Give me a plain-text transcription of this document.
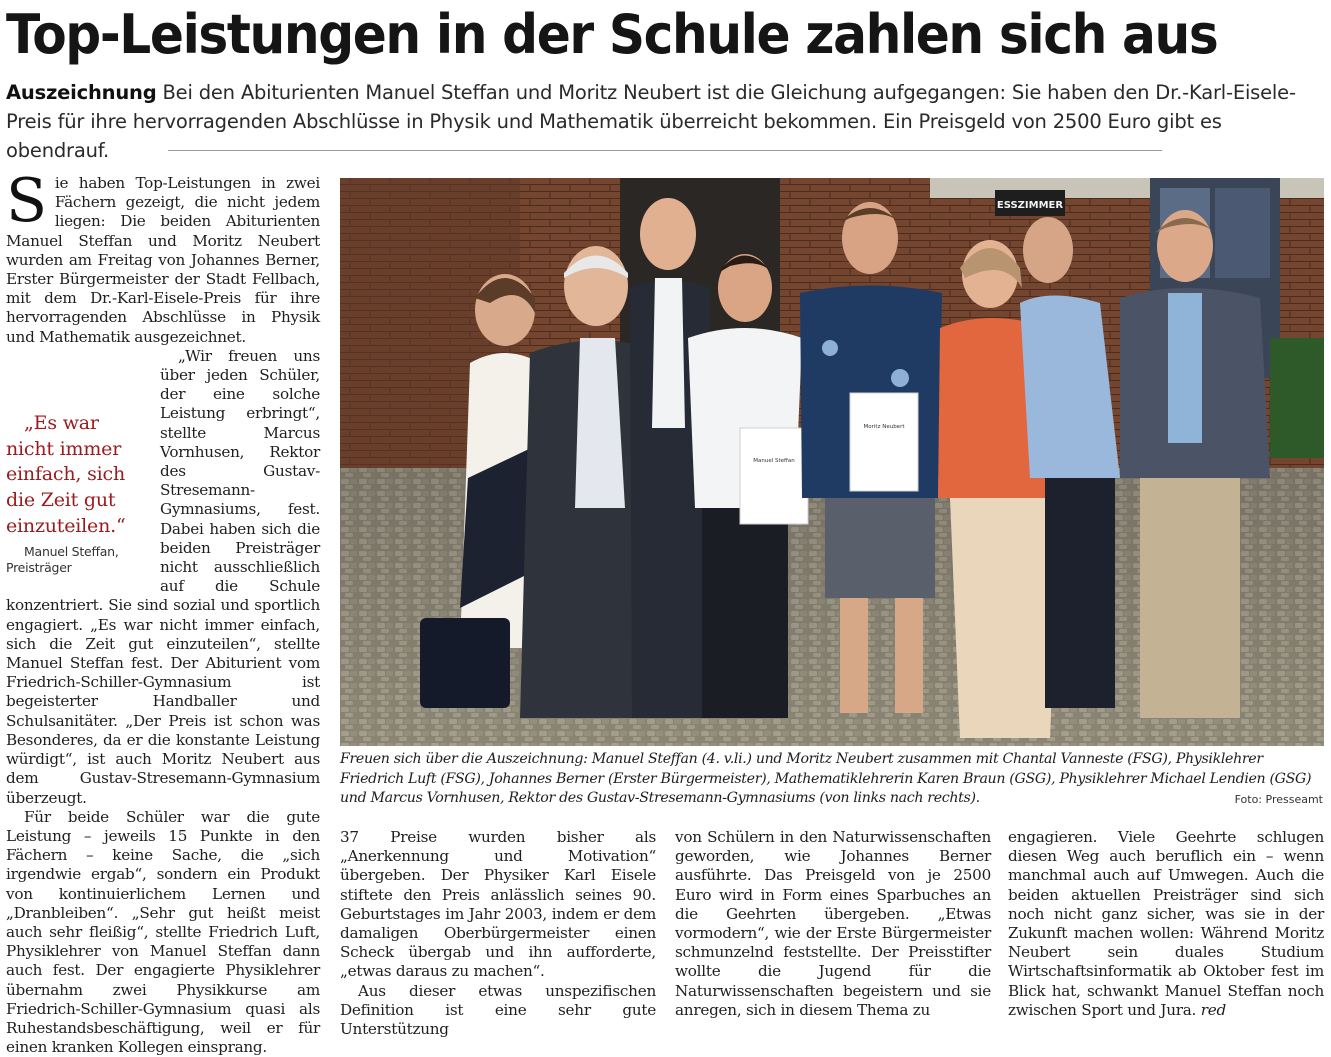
Top-Leistungen in der Schule zahlen sich aus

Auszeichnung Bei den Abiturienten Manuel Steffan und Moritz Neubert ist die Gleichung aufgegangen: Sie haben den Dr.-Karl-Eisele-Preis für ihre hervorragenden Abschlüsse in Physik und Mathematik überreicht bekommen. Ein Preisgeld von 2500 Euro gibt es obendrauf.

Sie haben Top-Leistungen in zwei Fächern gezeigt, die nicht jedem liegen: Die beiden Abiturienten Manuel Steffan und Moritz Neubert wurden am Freitag von Johannes Berner, Erster Bürgermeister der Stadt Fellbach, mit dem Dr.-Karl-Eisele-Preis für ihre hervorragenden Abschlüsse in Physik und Mathematik ausgezeichnet.

„Es war nicht immer einfach, sich die Zeit gut einzuteilen.“
Manuel Steffan, Preisträger
„Wir freuen uns über jeden Schüler, der eine solche Leistung erbringt“, stellte Marcus Vornhusen, Rektor des Gustav-Stresemann-Gymnasiums, fest. Dabei haben sich die beiden Preisträger nicht ausschließlich auf die Schule konzentriert. Sie sind sozial und sportlich engagiert. „Es war nicht immer einfach, sich die Zeit gut einzuteilen“, stellte Manuel Steffan fest. Der Abiturient vom Friedrich-Schiller-Gymnasium ist begeisterter Handballer und Schulsanitäter. „Der Preis ist schon was Besonderes, da er die konstante Leistung würdigt“, ist auch Moritz Neubert aus dem Gustav-Stresemann-Gymnasium überzeugt.

Für beide Schüler war die gute Leistung – jeweils 15 Punkte in den Fächern – keine Sache, die „sich irgendwie ergab“, sondern ein Produkt von kontinuierlichem Lernen und „Dranbleiben“. „Sehr gut heißt meist auch sehr fleißig“, stellte Friedrich Luft, Physiklehrer von Manuel Steffan dann auch fest. Der engagierte Physiklehrer übernahm zwei Physikkurse am Friedrich-Schiller-Gymnasium quasi als Ruhestandsbeschäftigung, weil er für einen kranken Kollegen einsprang.

ESSZIMMER
Manuel Steffan
Moritz Neubert
Freuen sich über die Auszeichnung: Manuel Steffan (4. v.li.) und Moritz Neubert zusammen mit Chantal Vanneste (FSG), Physiklehrer Friedrich Luft (FSG), Johannes Berner (Erster Bürgermeister), Mathematiklehrerin Karen Braun (GSG), Physiklehrer Michael Lendien (GSG) und Marcus Vornhusen, Rektor des Gustav-Stresemann-Gymnasiums (von links nach rechts).	Foto: Presseamt

37 Preise wurden bisher als „Anerkennung und Motivation“ übergeben. Der Physiker Karl Eisele stiftete den Preis anlässlich seines 90. Geburtstages im Jahr 2003, indem er dem damaligen Oberbürgermeister einen Scheck übergab und ihn aufforderte, „etwas daraus zu machen“.

Aus dieser etwas unspezifischen Definition ist eine sehr gute Unterstützung

von Schülern in den Naturwissenschaften geworden, wie Johannes Berner ausführte. Das Preisgeld von je 2500 Euro wird in Form eines Sparbuches an die Geehrten übergeben. „Etwas vormodern“, wie der Erste Bürgermeister schmunzelnd feststellte. Der Preisstifter wollte die Jugend für die Naturwissenschaften begeistern und sie anregen, sich in diesem Thema zu

engagieren. Viele Geehrte schlugen diesen Weg auch beruflich ein – wenn manchmal auch auf Umwegen. Auch die beiden aktuellen Preisträger sind sich noch nicht ganz sicher, was sie in der Zukunft machen wollen: Während Moritz Neubert sein duales Studium Wirtschaftsinformatik ab Oktober fest im Blick hat, schwankt Manuel Steffan noch zwischen Sport und Jura. red
